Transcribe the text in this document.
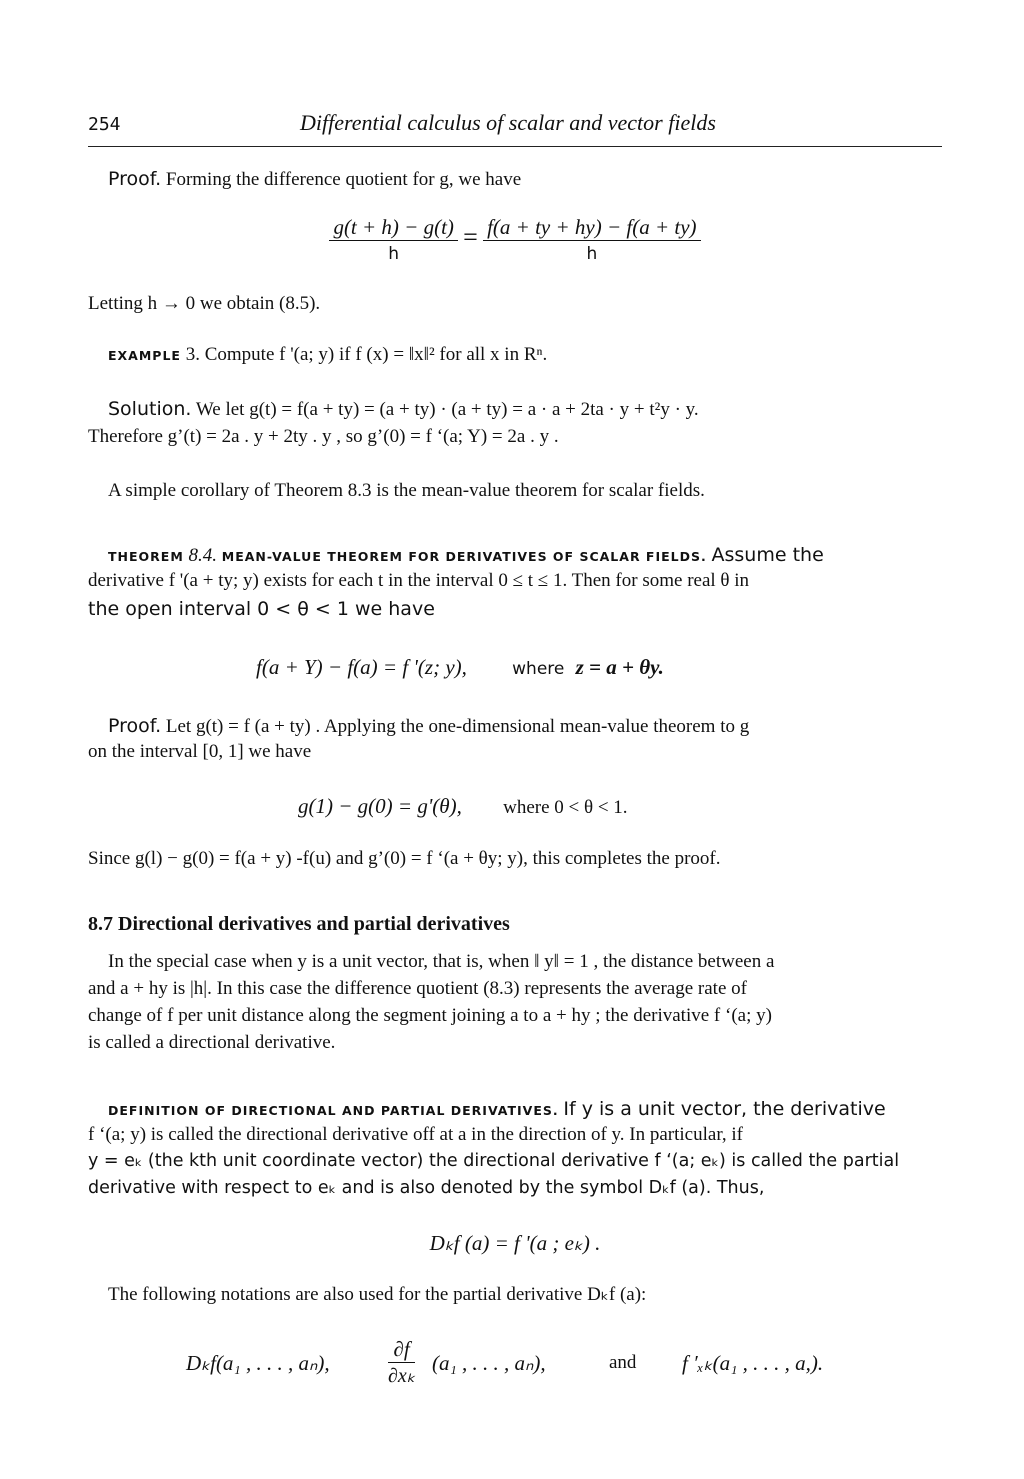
254	Differential calculus of scalar and vector fields
Proof. Forming the difference quotient for g, we have
$\frac{g(t + h) - g(t)}{h} = \frac{f(a + ty + hy) - f(a + ty)}{h}$
Letting h → 0 we obtain (8.5).
EXAMPLE 3. Compute f '(a; y) if f (x) = ‖x‖² for all x in Rⁿ.
Solution. We let g(t) = f(a + ty) = (a + ty) · (a + ty) = a · a + 2ta · y + t²y · y.
Therefore g’(t) = 2a . y + 2ty . y , so g’(0) = f ‘(a; Y) = 2a . y .
A simple corollary of Theorem 8.3 is the mean-value theorem for scalar fields.
THEOREM 8.4. MEAN-VALUE THEOREM FOR DERIVATIVES OF SCALAR FIELDS. Assume the
derivative f '(a + ty; y) exists for each t in the interval 0 ≤ t ≤ 1. Then for some real θ in
the open interval 0 < θ < 1 we have
f(a + Y) − f(a) = f '(z; y),	where z = a + θy.
Proof. Let g(t) = f (a + ty) . Applying the one-dimensional mean-value theorem to g
on the interval [0, 1] we have
g(1) − g(0) = g'(θ), where 0 < θ < 1.
Since g(l) − g(0) = f(a + y) -f(u) and g’(0) = f ‘(a + θy; y), this completes the proof.
8.7 Directional derivatives and partial derivatives
In the special case when y is a unit vector, that is, when ‖ y‖ = 1 , the distance between a
and a + hy is |h|. In this case the difference quotient (8.3) represents the average rate of
change of f per unit distance along the segment joining a to a + hy ; the derivative f ‘(a; y)
is called a directional derivative.
DEFINITION OF DIRECTIONAL AND PARTIAL DERIVATIVES. If y is a unit vector, the derivative
f ‘(a; y) is called the directional derivative off at a in the direction of y. In particular, if
y = eₖ (the kth unit coordinate vector) the directional derivative f ‘(a; eₖ) is called the partial
derivative with respect to eₖ and is also denoted by the symbol Dₖf (a). Thus,
Dₖf (a) = f '(a ; eₖ) .
The following notations are also used for the partial derivative Dₖf (a):
Dₖf(a₁ , . . . , aₙ),	$\frac{\partial f}{\text{∂xₖ}} (a_1$ , . . . , aₙ),	and f ′ₓₖ(a₁ , . . . , a,).
